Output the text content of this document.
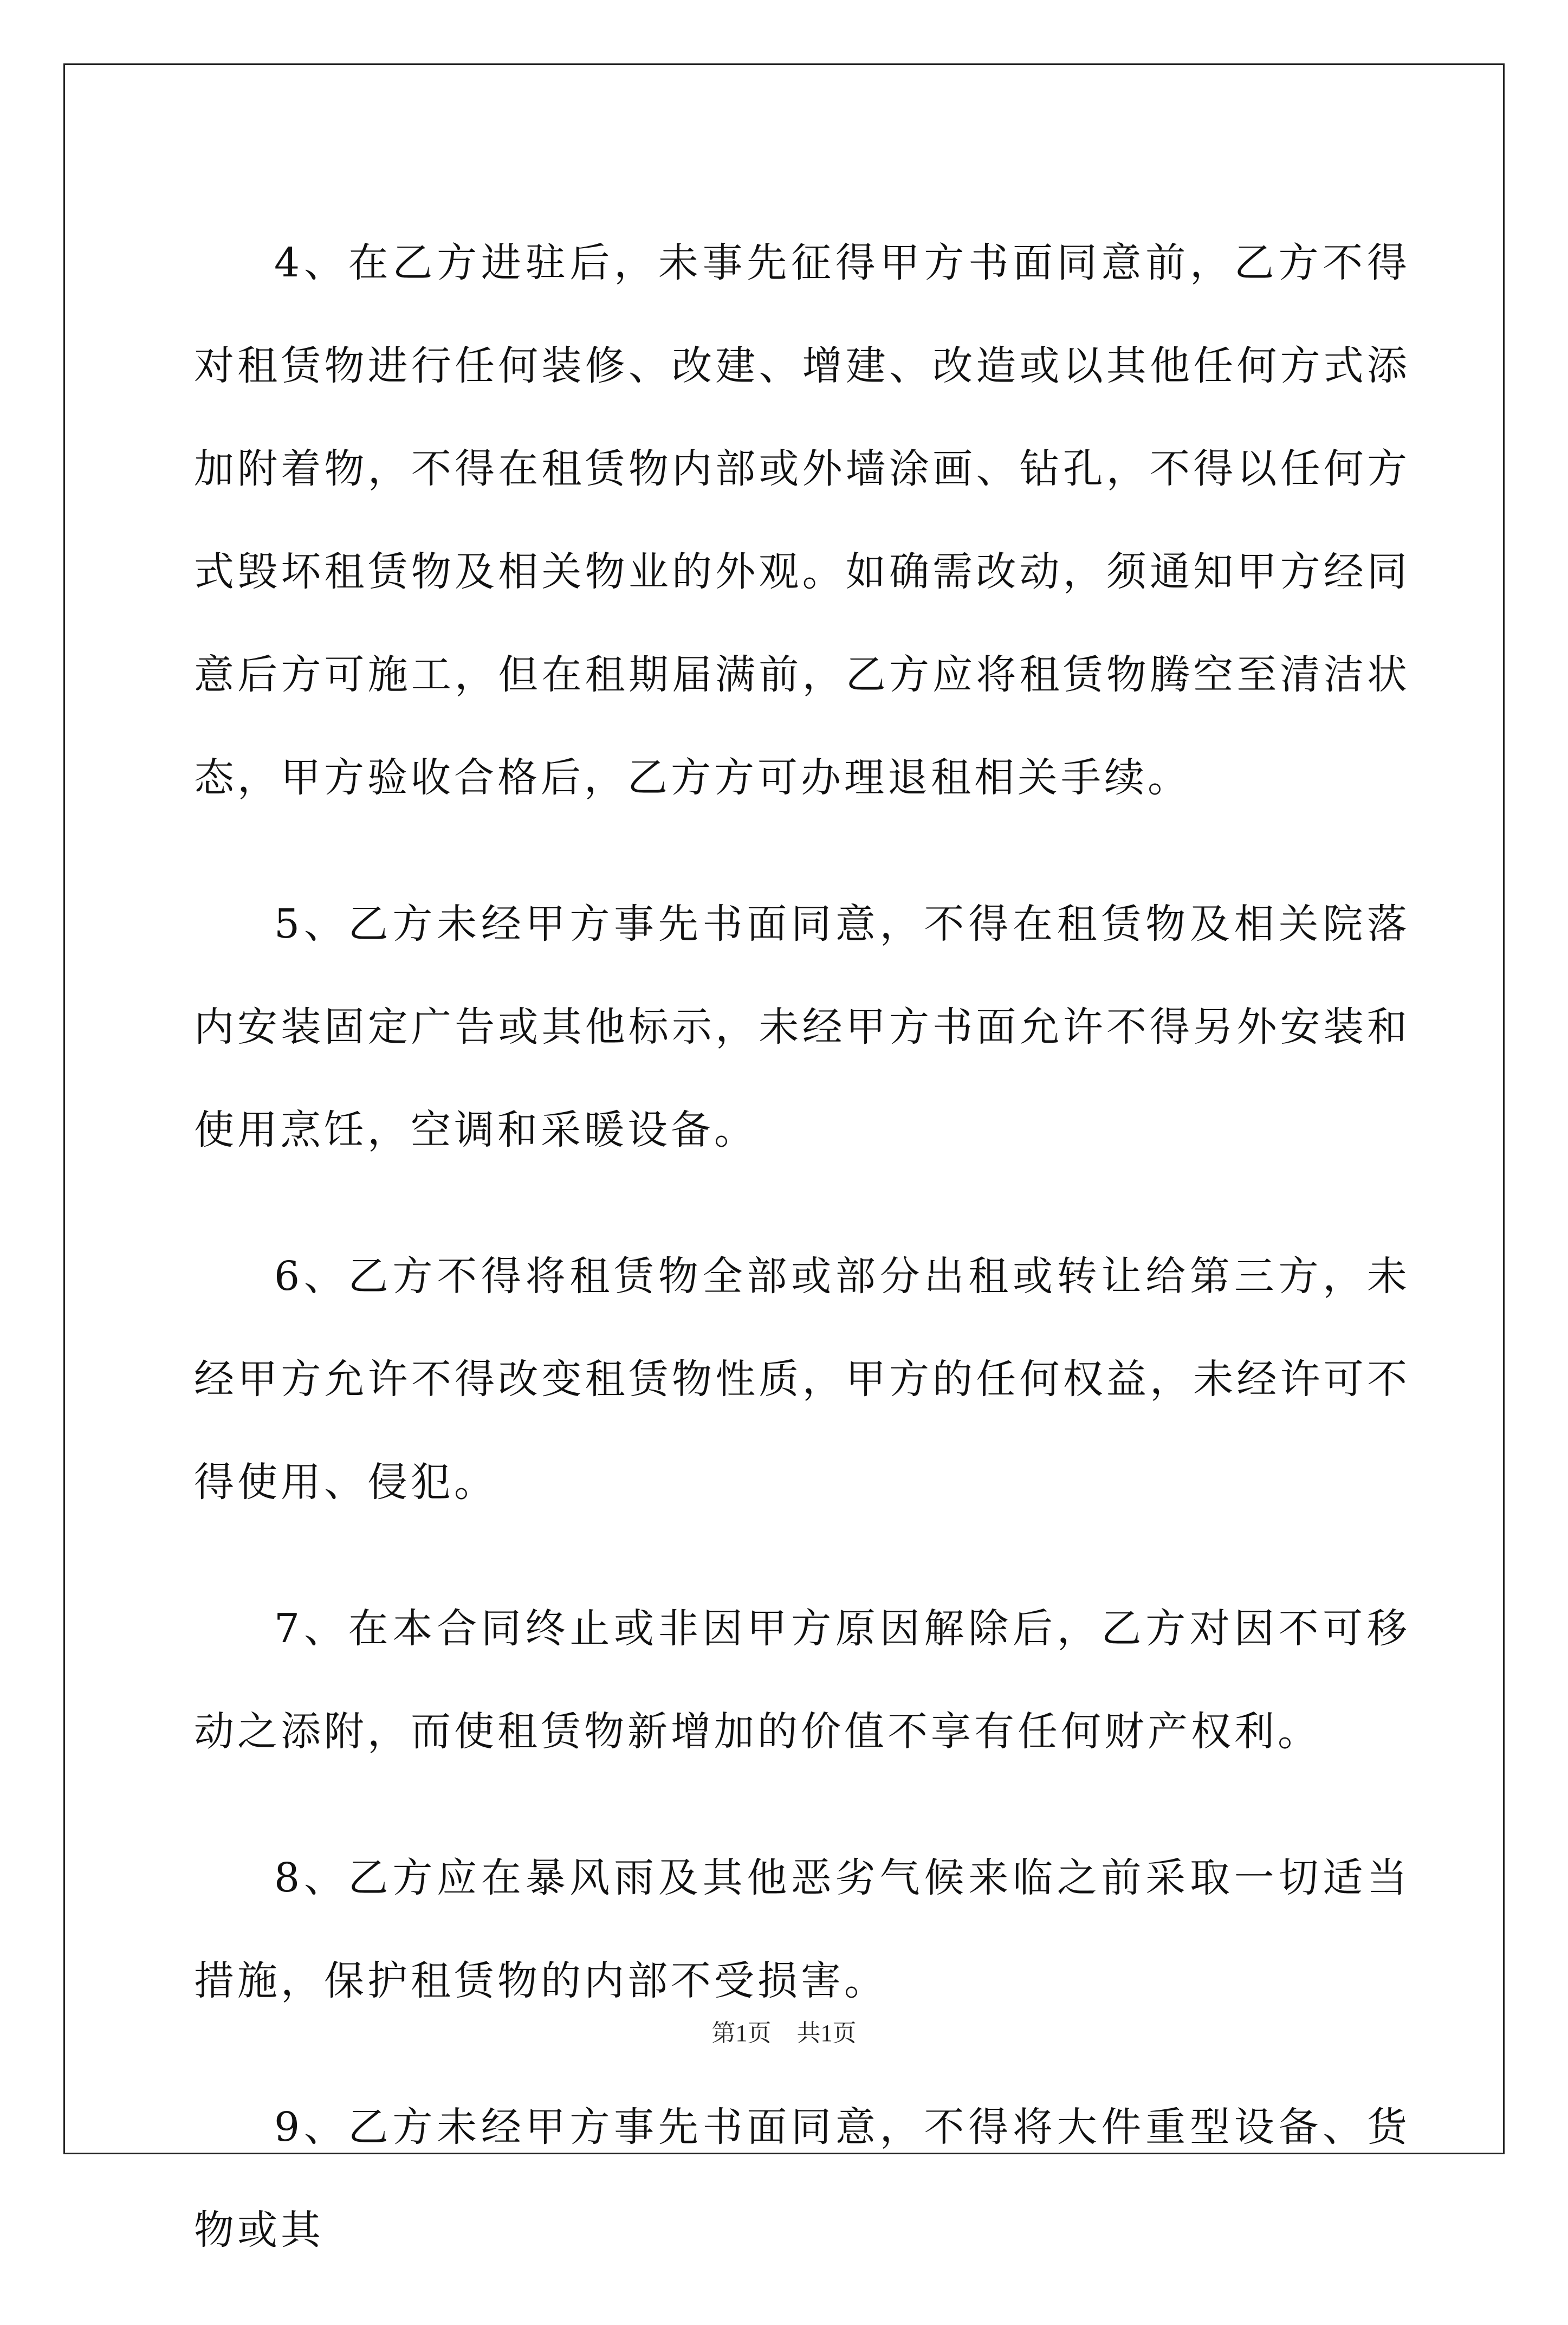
4、在乙方进驻后，未事先征得甲方书面同意前，乙方不得对租赁物进行任何装修、改建、增建、改造或以其他任何方式添加附着物，不得在租赁物内部或外墙涂画、钻孔，不得以任何方式毁坏租赁物及相关物业的外观。如确需改动，须通知甲方经同意后方可施工，但在租期届满前，乙方应将租赁物腾空至清洁状态，甲方验收合格后，乙方方可办理退租相关手续。

5、乙方未经甲方事先书面同意，不得在租赁物及相关院落内安装固定广告或其他标示，未经甲方书面允许不得另外安装和使用烹饪，空调和采暖设备。

6、乙方不得将租赁物全部或部分出租或转让给第三方，未经甲方允许不得改变租赁物性质，甲方的任何权益，未经许可不得使用、侵犯。

7、在本合同终止或非因甲方原因解除后，乙方对因不可移动之添附，而使租赁物新增加的价值不享有任何财产权利。

8、乙方应在暴风雨及其他恶劣气候来临之前采取一切适当措施，保护租赁物的内部不受损害。

9、乙方未经甲方事先书面同意，不得将大件重型设备、货物或其

第1页 共1页
